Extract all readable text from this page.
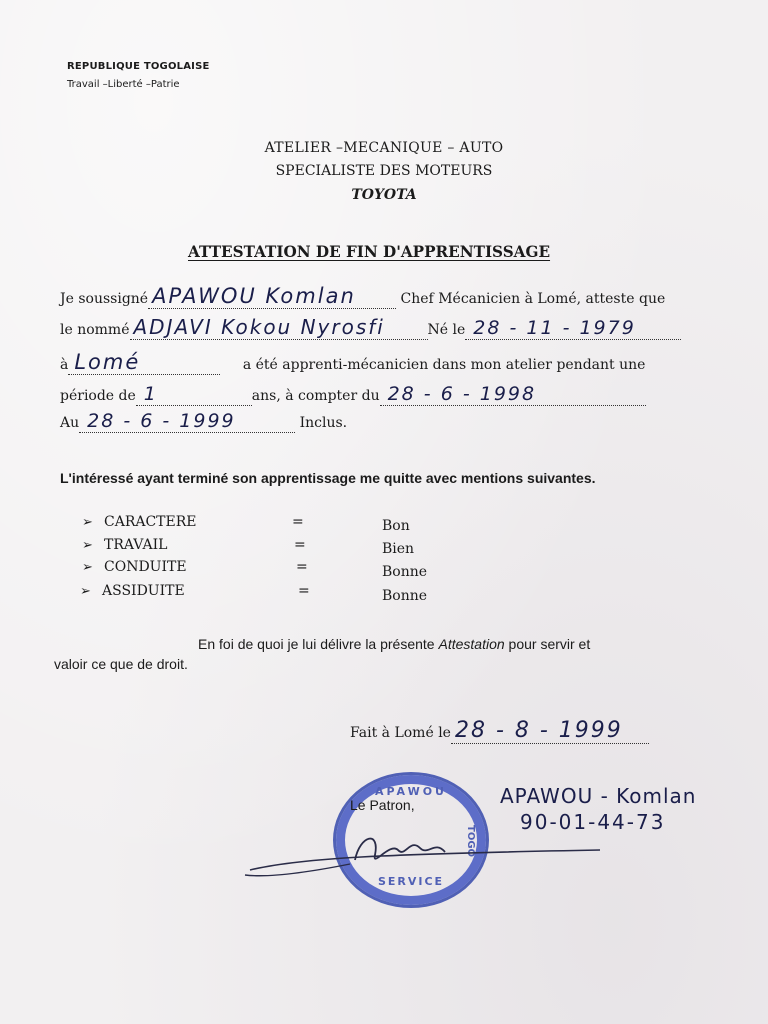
REPUBLIQUE TOGOLAISE
Travail –Liberté –Patrie
ATELIER –MECANIQUE – AUTO
SPECIALISTE DES MOTEURS
TOYOTA
ATTESTATION DE FIN D'APPRENTISSAGE
Je soussigné APAWOU Komlan	Chef Mécanicien à Lomé, atteste que
le nommé ADJAVI Kokou Nyrosfi	Né le 28 - 11 - 1979
à Lomé	a été apprenti-mécanicien dans mon atelier pendant une
période de 1	ans, à compter du 28 - 6 - 1998
Au 28 - 6 - 1999	Inclus.
L'intéressé ayant terminé son apprentissage me quitte avec mentions suivantes.
➢ CARACTERE	=	Bon
➢ TRAVAIL	=	Bien
➢ CONDUITE	=	Bonne
➢ ASSIDUITE	=	Bonne
En foi de quoi je lui délivre la présente Attestation pour servir et
valoir ce que de droit.
Fait à Lomé le 28 - 8 - 1999
APAWOU
TOGO
SERVICE
Le Patron,	APAWOU - Komlan
90-01-44-73
